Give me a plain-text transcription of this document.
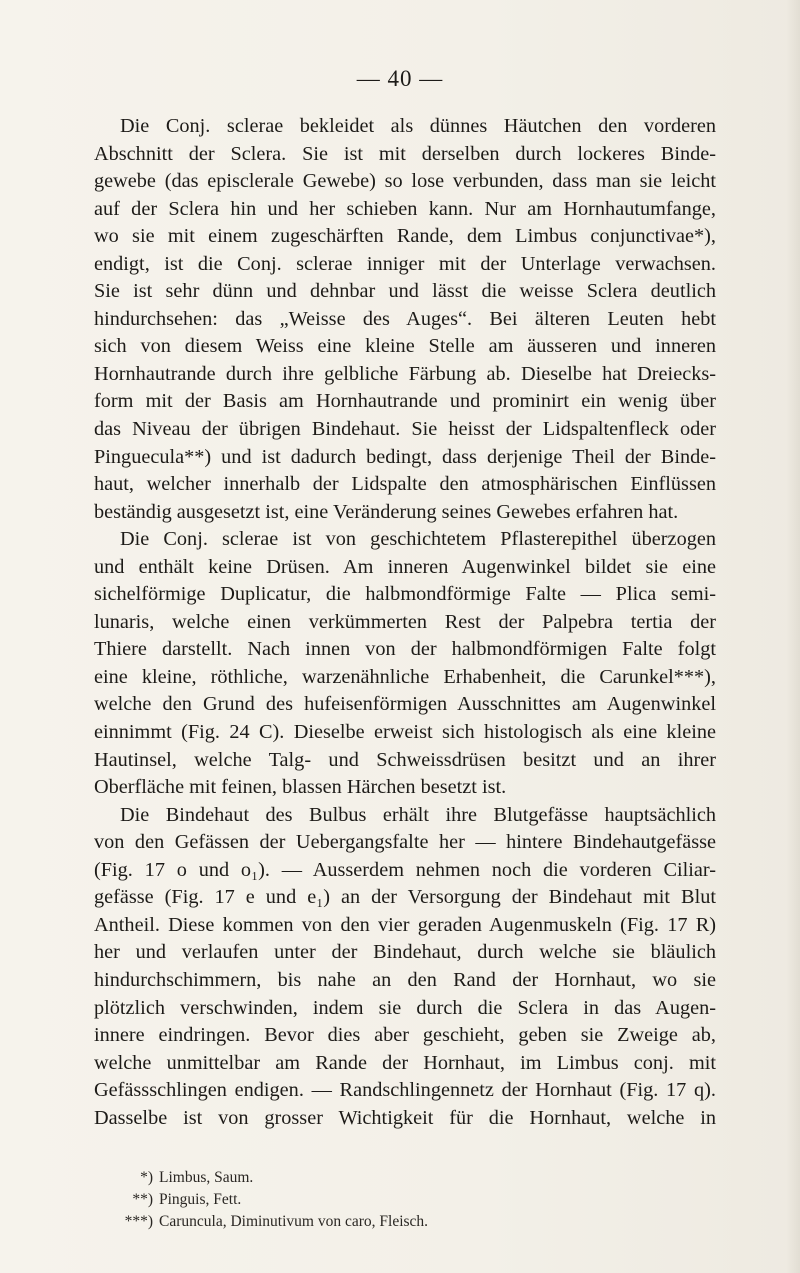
— 40 —
Die Conj. sclerae bekleidet als dünnes Häutchen den vorderen
Abschnitt der Sclera. Sie ist mit derselben durch lockeres Binde-
gewebe (das episclerale Gewebe) so lose verbunden, dass man sie leicht
auf der Sclera hin und her schieben kann. Nur am Hornhautumfange,
wo sie mit einem zugeschärften Rande, dem Limbus conjunctivae*),
endigt, ist die Conj. sclerae inniger mit der Unterlage verwachsen.
Sie ist sehr dünn und dehnbar und lässt die weisse Sclera deutlich
hindurchsehen: das „Weisse des Auges“. Bei älteren Leuten hebt
sich von diesem Weiss eine kleine Stelle am äusseren und inneren
Hornhautrande durch ihre gelbliche Färbung ab. Dieselbe hat Dreiecks-
form mit der Basis am Hornhautrande und prominirt ein wenig über
das Niveau der übrigen Bindehaut. Sie heisst der Lidspaltenfleck oder
Pinguecula**) und ist dadurch bedingt, dass derjenige Theil der Binde-
haut, welcher innerhalb der Lidspalte den atmosphärischen Einflüssen
beständig ausgesetzt ist, eine Veränderung seines Gewebes erfahren hat.
Die Conj. sclerae ist von geschichtetem Pflasterepithel überzogen
und enthält keine Drüsen. Am inneren Augenwinkel bildet sie eine
sichelförmige Duplicatur, die halbmondförmige Falte — Plica semi-
lunaris, welche einen verkümmerten Rest der Palpebra tertia der
Thiere darstellt. Nach innen von der halbmondförmigen Falte folgt
eine kleine, röthliche, warzenähnliche Erhabenheit, die Carunkel***),
welche den Grund des hufeisenförmigen Ausschnittes am Augenwinkel
einnimmt (Fig. 24 C). Dieselbe erweist sich histologisch als eine kleine
Hautinsel, welche Talg- und Schweissdrüsen besitzt und an ihrer
Oberfläche mit feinen, blassen Härchen besetzt ist.
Die Bindehaut des Bulbus erhält ihre Blutgefässe hauptsächlich
von den Gefässen der Uebergangsfalte her — hintere Bindehautgefässe
(Fig. 17 o und o₁). — Ausserdem nehmen noch die vorderen Ciliar-
gefässe (Fig. 17 e und e₁) an der Versorgung der Bindehaut mit Blut
Antheil. Diese kommen von den vier geraden Augenmuskeln (Fig. 17 R)
her und verlaufen unter der Bindehaut, durch welche sie bläulich
hindurchschimmern, bis nahe an den Rand der Hornhaut, wo sie
plötzlich verschwinden, indem sie durch die Sclera in das Augen-
innere eindringen. Bevor dies aber geschieht, geben sie Zweige ab,
welche unmittelbar am Rande der Hornhaut, im Limbus conj. mit
Gefässschlingen endigen. — Randschlingennetz der Hornhaut (Fig. 17 q).
Dasselbe ist von grosser Wichtigkeit für die Hornhaut, welche in
*) Limbus, Saum.
**) Pinguis, Fett.
***) Caruncula, Diminutivum von caro, Fleisch.
